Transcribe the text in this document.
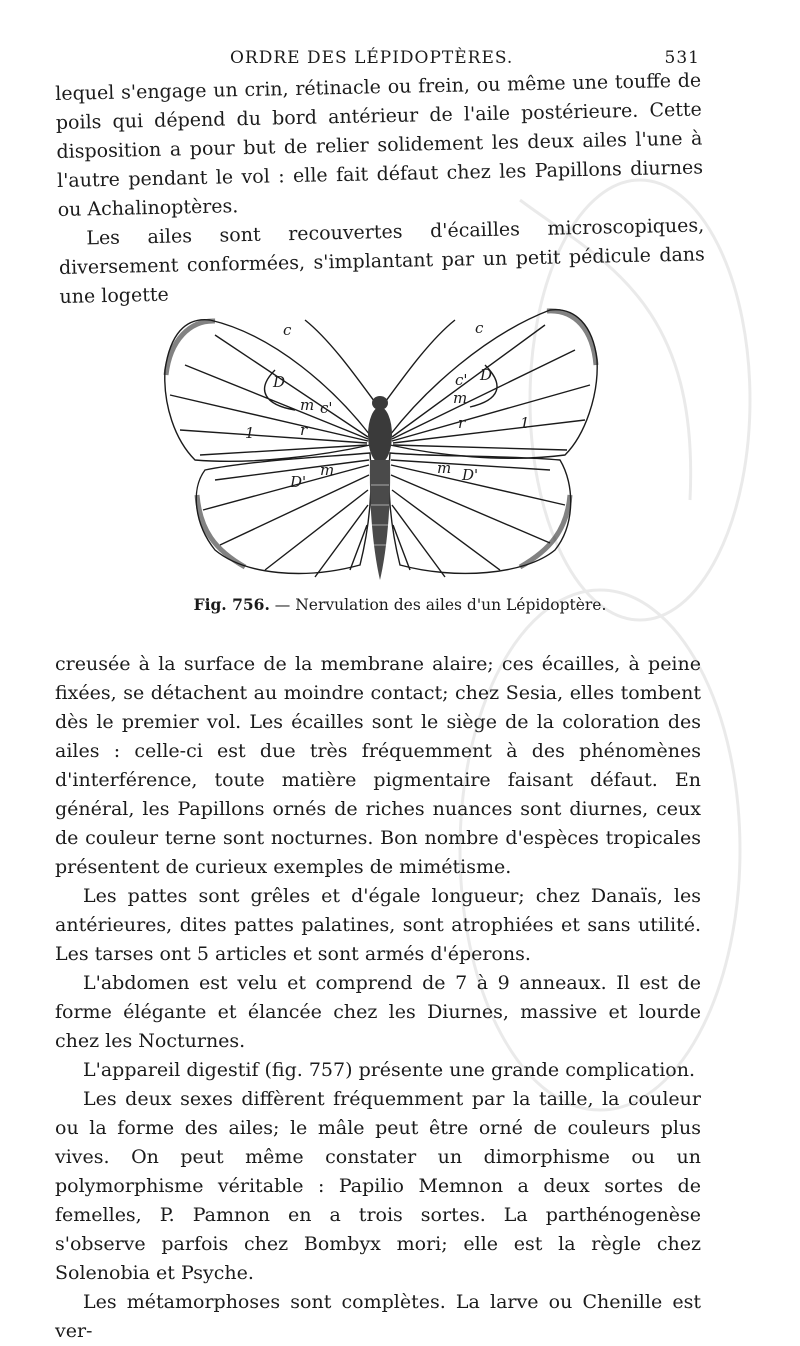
ORDRE DES LÉPIDOPTÈRES.	531

lequel s'engage un crin, rétinacle ou frein, ou même une touffe de poils qui dépend du bord antérieur de l'aile postérieure. Cette disposition a pour but de relier solidement les deux ailes l'une à l'autre pendant le vol : elle fait défaut chez les Papillons diurnes ou Achalinoptères.

Les ailes sont recouvertes d'écailles microscopiques, diversement conformées, s'implantant par un petit pédicule dans une logette

c	c
D	D
c'
c'
m	m
r	r
1
1
D'	D'
m	m
Fig. 756. — Nervulation des ailes d'un Lépidoptère.

creusée à la surface de la membrane alaire; ces écailles, à peine fixées, se détachent au moindre contact; chez Sesia, elles tombent dès le premier vol. Les écailles sont le siège de la coloration des ailes : celle-ci est due très fréquemment à des phénomènes d'interférence, toute matière pigmentaire faisant défaut. En général, les Papillons ornés de riches nuances sont diurnes, ceux de couleur terne sont nocturnes. Bon nombre d'espèces tropicales présentent de curieux exemples de mimétisme.

Les pattes sont grêles et d'égale longueur; chez Danaïs, les antérieures, dites pattes palatines, sont atrophiées et sans utilité. Les tarses ont 5 articles et sont armés d'éperons.

L'abdomen est velu et comprend de 7 à 9 anneaux. Il est de forme élégante et élancée chez les Diurnes, massive et lourde chez les Nocturnes.

L'appareil digestif (fig. 757) présente une grande complication.

Les deux sexes diffèrent fréquemment par la taille, la couleur ou la forme des ailes; le mâle peut être orné de couleurs plus vives. On peut même constater un dimorphisme ou un polymorphisme véritable : Papilio Memnon a deux sortes de femelles, P. Pamnon en a trois sortes. La parthénogenèse s'observe parfois chez Bombyx mori; elle est la règle chez Solenobia et Psyche.

Les métamorphoses sont complètes. La larve ou Chenille est ver-
